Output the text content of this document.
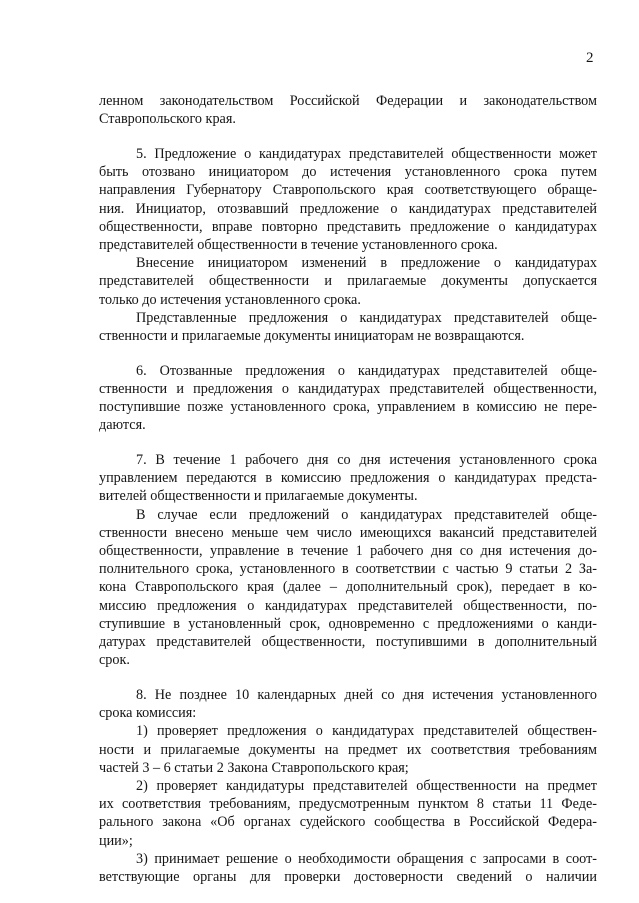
2
ленном законодательством Российской Федерации и законодательством
Ставропольского края.
5. Предложение о кандидатурах представителей общественности может
быть отозвано инициатором до истечения установленного срока путем
направления Губернатору Ставропольского края соответствующего обраще-
ния. Инициатор, отозвавший предложение о кандидатурах представителей
общественности, вправе повторно представить предложение о кандидатурах
представителей общественности в течение установленного срока.
Внесение инициатором изменений в предложение о кандидатурах
представителей общественности и прилагаемые документы допускается
только до истечения установленного срока.
Представленные предложения о кандидатурах представителей обще-
ственности и прилагаемые документы инициаторам не возвращаются.
6. Отозванные предложения о кандидатурах представителей обще-
ственности и предложения о кандидатурах представителей общественности,
поступившие позже установленного срока, управлением в комиссию не пере-
даются.
7. В течение 1 рабочего дня со дня истечения установленного срока
управлением передаются в комиссию предложения о кандидатурах предста-
вителей общественности и прилагаемые документы.
В случае если предложений о кандидатурах представителей обще-
ственности внесено меньше чем число имеющихся вакансий представителей
общественности, управление в течение 1 рабочего дня со дня истечения до-
полнительного срока, установленного в соответствии с частью 9 статьи 2 За-
кона Ставропольского края (далее – дополнительный срок), передает в ко-
миссию предложения о кандидатурах представителей общественности, по-
ступившие в установленный срок, одновременно с предложениями о канди-
датурах представителей общественности, поступившими в дополнительный
срок.
8. Не позднее 10 календарных дней со дня истечения установленного
срока комиссия:
1) проверяет предложения о кандидатурах представителей обществен-
ности и прилагаемые документы на предмет их соответствия требованиям
частей 3 – 6 статьи 2 Закона Ставропольского края;
2) проверяет кандидатуры представителей общественности на предмет
их соответствия требованиям, предусмотренным пунктом 8 статьи 11 Феде-
рального закона «Об органах судейского сообщества в Российской Федера-
ции»;
3) принимает решение о необходимости обращения с запросами в соот-
ветствующие органы для проверки достоверности сведений о наличии
